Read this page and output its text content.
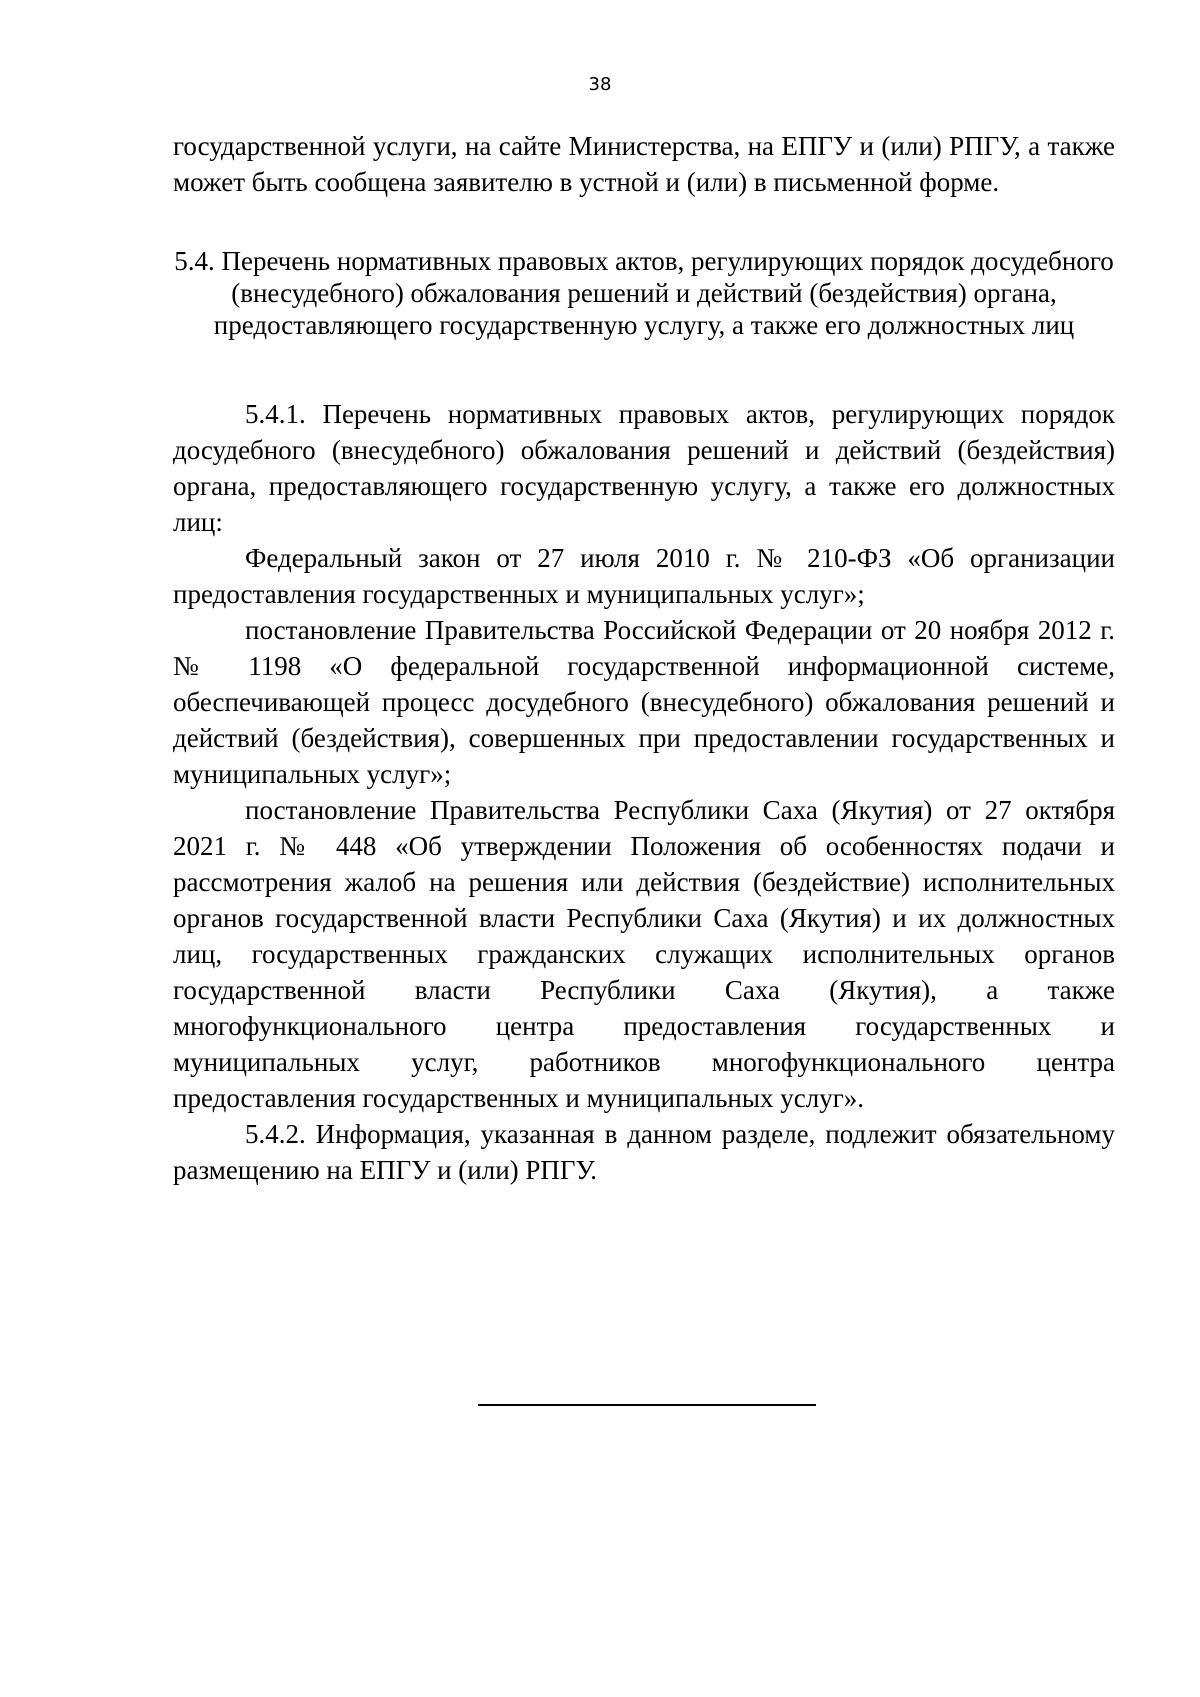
38

государственной услуги, на сайте Министерства, на ЕПГУ и (или) РПГУ, а также может быть сообщена заявителю в устной и (или) в письменной форме.

5.4. Перечень нормативных правовых актов, регулирующих порядок досудебного (внесудебного) обжалования решений и действий (бездействия) органа, предоставляющего государственную услугу, а также его должностных лиц

5.4.1. Перечень нормативных правовых актов, регулирующих порядок досудебного (внесудебного) обжалования решений и действий (бездействия) органа, предоставляющего государственную услугу, а также его должностных лиц:

Федеральный закон от 27 июля 2010 г. № 210-ФЗ «Об организации предоставления государственных и муниципальных услуг»;

постановление Правительства Российской Федерации от 20 ноября 2012 г. № 1198 «О федеральной государственной информационной системе, обеспечивающей процесс досудебного (внесудебного) обжалования решений и действий (бездействия), совершенных при предоставлении государственных и муниципальных услуг»;

постановление Правительства Республики Саха (Якутия) от 27 октября 2021 г. № 448 «Об утверждении Положения об особенностях подачи и рассмотрения жалоб на решения или действия (бездействие) исполнительных органов государственной власти Республики Саха (Якутия) и их должностных лиц, государственных гражданских служащих исполнительных органов государственной власти Республики Саха (Якутия), а также многофункционального центра предоставления государственных и муниципальных услуг, работников многофункционального центра предоставления государственных и муниципальных услуг».

5.4.2. Информация, указанная в данном разделе, подлежит обязательному размещению на ЕПГУ и (или) РПГУ.
